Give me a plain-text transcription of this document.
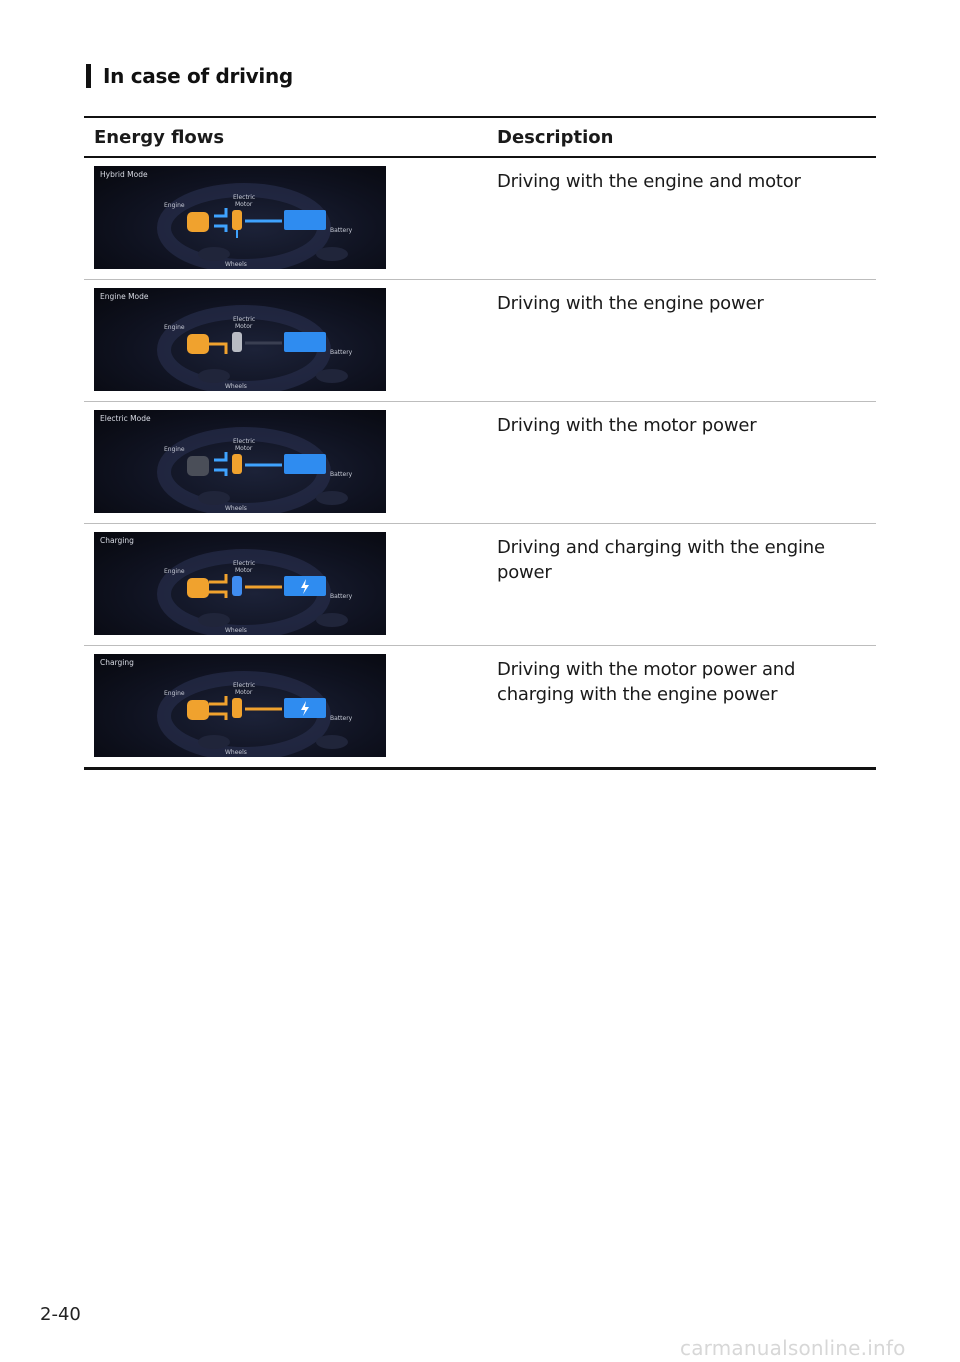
In case of driving
Energy flows	Description
Hybrid Mode
Engine
Electric
Motor
Battery
Wheels
Driving with the engine and motor
Engine Mode
Engine
Electric
Motor
Battery
Wheels
Driving with the engine power
Electric Mode
Engine
Electric
Motor
Battery
Wheels
Driving with the motor power
Charging
Engine
Electric
Motor
Battery
Wheels
Driving and charging with the engine power
Charging
Engine
Electric
Motor
Battery
Wheels
Driving with the motor power and charging with the engine power
2-40
carmanualsonline.info
